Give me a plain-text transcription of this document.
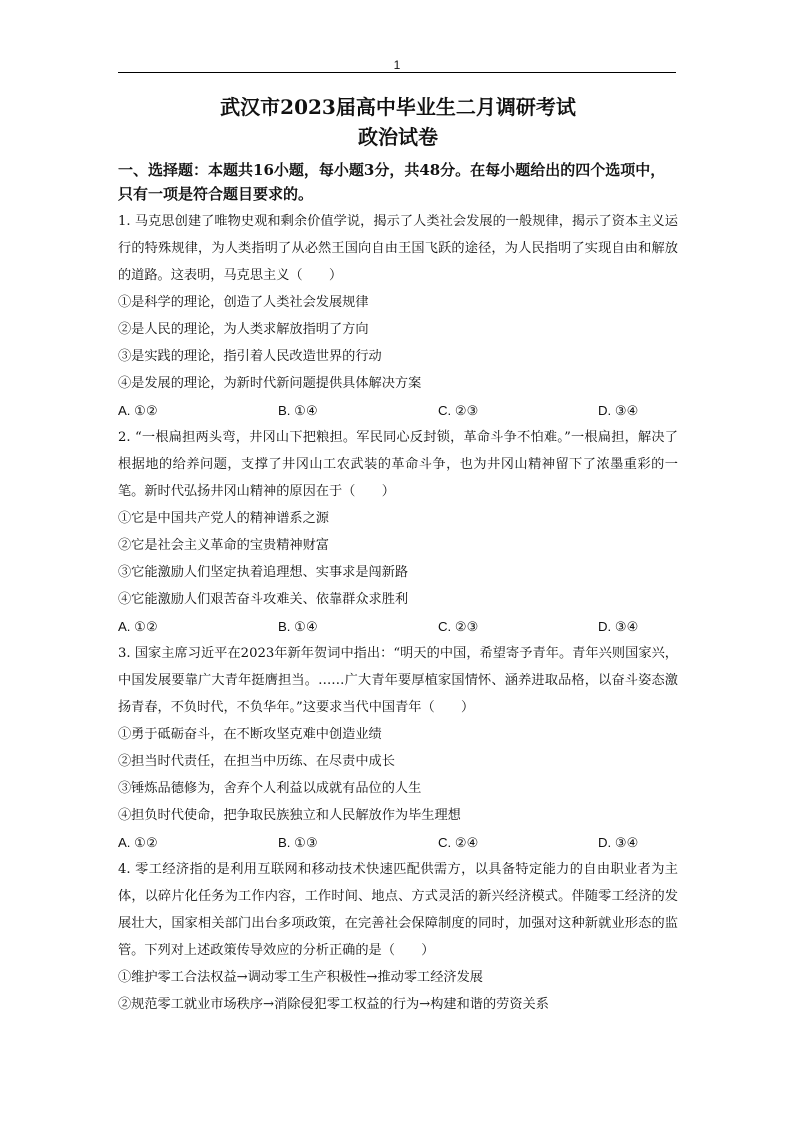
1
武汉市2023届高中毕业生二月调研考试
政治试卷
一、选择题：本题共16小题，每小题3分，共48分。在每小题给出的四个选项中，只有一项是符合题目要求的。
1. 马克思创建了唯物史观和剩余价值学说，揭示了人类社会发展的一般规律，揭示了资本主义运行的特殊规律，为人类指明了从必然王国向自由王国飞跃的途径，为人民指明了实现自由和解放的道路。这表明，马克思主义（　　）
①是科学的理论，创造了人类社会发展规律
②是人民的理论，为人类求解放指明了方向
③是实践的理论，指引着人民改造世界的行动
④是发展的理论，为新时代新问题提供具体解决方案
A. ①②	B. ①④	C. ②③	D. ③④
2. “一根扁担两头弯，井冈山下把粮担。军民同心反封锁，革命斗争不怕难。”一根扁担，解决了根据地的给养问题，支撑了井冈山工农武装的革命斗争，也为井冈山精神留下了浓墨重彩的一笔。新时代弘扬井冈山精神的原因在于（　　）
①它是中国共产党人的精神谱系之源
②它是社会主义革命的宝贵精神财富
③它能激励人们坚定执着追理想、实事求是闯新路
④它能激励人们艰苦奋斗攻难关、依靠群众求胜利
A. ①②	B. ①④	C. ②③	D. ③④
3. 国家主席习近平在2023年新年贺词中指出：“明天的中国，希望寄予青年。青年兴则国家兴，中国发展要靠广大青年挺膺担当。……广大青年要厚植家国情怀、涵养进取品格，以奋斗姿态激扬青春，不负时代，不负华年。”这要求当代中国青年（　　）
①勇于砥砺奋斗，在不断攻坚克难中创造业绩
②担当时代责任，在担当中历练、在尽责中成长
③锤炼品德修为，舍弃个人利益以成就有品位的人生
④担负时代使命，把争取民族独立和人民解放作为毕生理想
A. ①②	B. ①③	C. ②④	D. ③④
4. 零工经济指的是利用互联网和移动技术快速匹配供需方，以具备特定能力的自由职业者为主体，以碎片化任务为工作内容，工作时间、地点、方式灵活的新兴经济模式。伴随零工经济的发展壮大，国家相关部门出台多项政策，在完善社会保障制度的同时，加强对这种新就业形态的监管。下列对上述政策传导效应的分析正确的是（　　）
①维护零工合法权益→调动零工生产积极性→推动零工经济发展
②规范零工就业市场秩序→消除侵犯零工权益的行为→构建和谐的劳资关系
